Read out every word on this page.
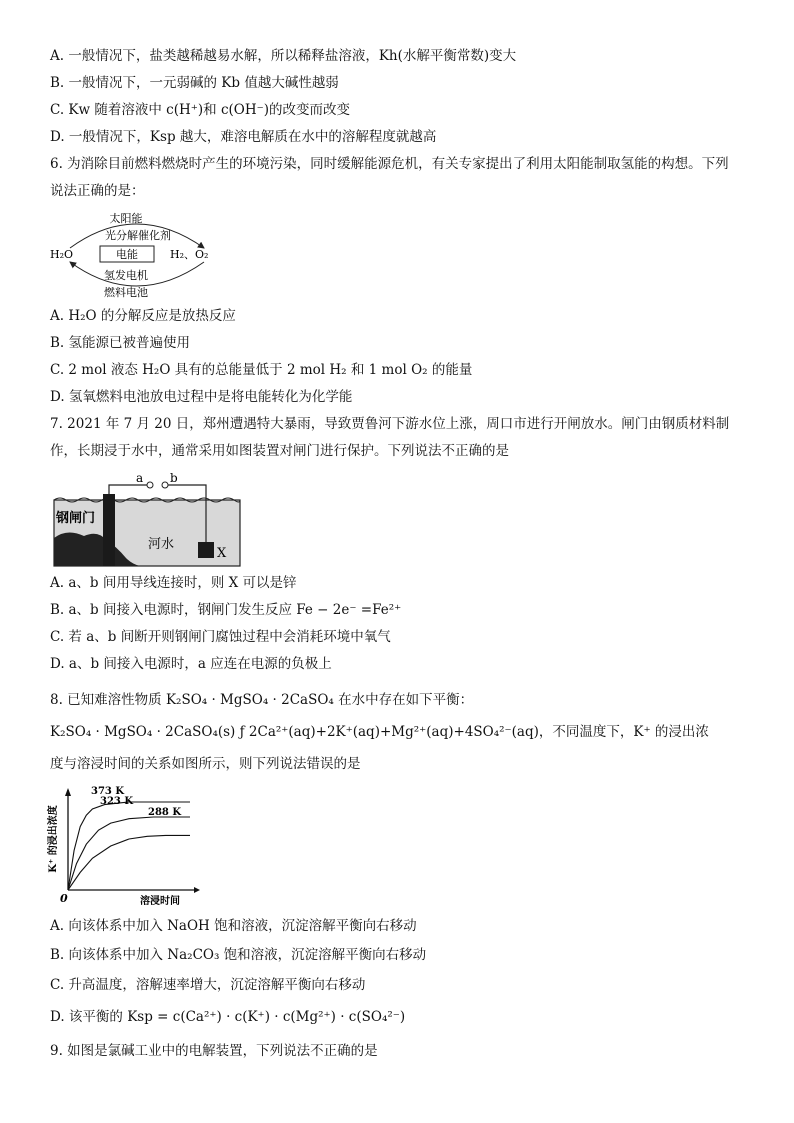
A. 一般情况下，盐类越稀越易水解，所以稀释盐溶液，Kh(水解平衡常数)变大
B. 一般情况下，一元弱碱的 Kb 值越大碱性越弱
C. Kw 随着溶液中 c(H⁺)和 c(OH⁻)的改变而改变
D. 一般情况下，Ksp 越大，难溶电解质在水中的溶解程度就越高
6. 为消除目前燃料燃烧时产生的环境污染，同时缓解能源危机，有关专家提出了利用太阳能制取氢能的构想。下列
说法正确的是：
太阳能
光分解催化剂
H₂O	电能	H₂、O₂
氢发电机
燃料电池
A. H₂O 的分解反应是放热反应
B. 氢能源已被普遍使用
C. 2 mol 液态 H₂O 具有的总能量低于 2 mol H₂ 和 1 mol O₂ 的能量
D. 氢氧燃料电池放电过程中是将电能转化为化学能
7. 2021 年 7 月 20 日，郑州遭遇特大暴雨，导致贾鲁河下游水位上涨，周口市进行开闸放水。闸门由钢质材料制
作，长期浸于水中，通常采用如图装置对闸门进行保护。下列说法不正确的是
a b
钢闸门
河水
X
A. a、b 间用导线连接时，则 X 可以是锌
B. a、b 间接入电源时，钢闸门发生反应 Fe − 2e⁻ =Fe²⁺
C. 若 a、b 间断开则钢闸门腐蚀过程中会消耗环境中氧气
D. a、b 间接入电源时，a 应连在电源的负极上
8. 已知难溶性物质 K₂SO₄ · MgSO₄ · 2CaSO₄ 在水中存在如下平衡：
K₂SO₄ · MgSO₄ · 2CaSO₄(s) ƒ 2Ca²⁺(aq)+2K⁺(aq)+Mg²⁺(aq)+4SO₄²⁻(aq)，不同温度下，K⁺ 的浸出浓
度与溶浸时间的关系如图所示，则下列说法错误的是
373 K
323 K
288 K
K⁺ 的浸出浓度
0	溶浸时间
A. 向该体系中加入 NaOH 饱和溶液，沉淀溶解平衡向右移动
B. 向该体系中加入 Na₂CO₃ 饱和溶液，沉淀溶解平衡向右移动
C. 升高温度，溶解速率增大，沉淀溶解平衡向右移动
D. 该平衡的 Ksp = c(Ca²⁺) · c(K⁺) · c(Mg²⁺) · c(SO₄²⁻)
9. 如图是氯碱工业中的电解装置，下列说法不正确的是
